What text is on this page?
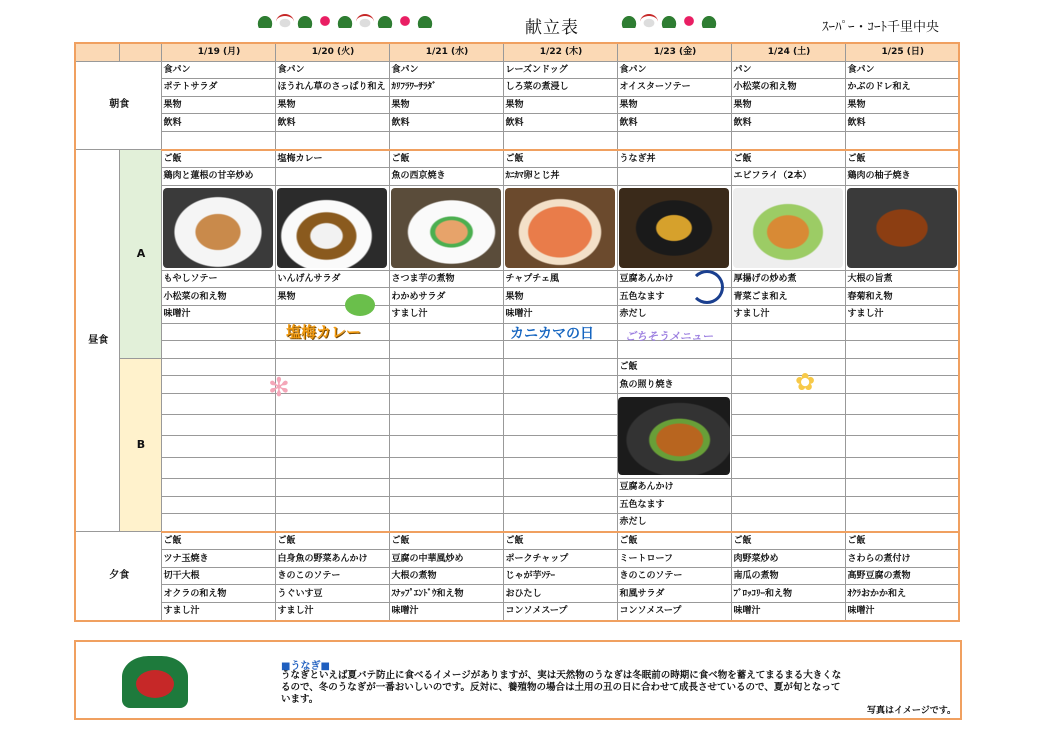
献立表	ｽｰﾊﾟｰ・ｺｰﾄ千里中央
		1/19 (月)	1/20 (火)	1/21 (水)	1/22 (木)	1/23 (金)	1/24 (土)	1/25 (日)
朝食		食パン	食パン	食パン	レーズンドッグ	食パン	パン	食パン
		ポテトサラダ	ほうれん草のさっぱり和え	ｶﾘﾌﾗﾜｰｻﾗﾀﾞ	しろ菜の煮浸し	オイスターソテー	小松菜の和え物	かぶのドレ和え
		果物	果物	果物	果物	果物	果物	果物
		飲料	飲料	飲料	飲料	飲料	飲料	飲料

昼食	A	ご飯	塩梅カレー	ご飯	ご飯	うなぎ丼	ご飯	ご飯
		鶏肉と蓮根の甘辛炒め		魚の西京焼き	ｶﾆｶﾏ卵とじ丼		エビフライ（2本）	鶏肉の柚子焼き

		もやしソテー	いんげんサラダ	さつま芋の煮物	チャプチェ風	豆腐あんかけ	厚揚げの炒め煮	大根の旨煮
		小松菜の和え物	果物	わかめサラダ	果物	五色なます	青菜ごま和え	春菊和え物
		味噌汁		すまし汁	味噌汁	赤だし	すまし汁	すまし汁

	B					ご飯		
						魚の照り焼き		

						豆腐あんかけ		
						五色なます		
						赤だし		
夕食		ご飯	ご飯	ご飯	ご飯	ご飯	ご飯	ご飯
		ツナ玉焼き	白身魚の野菜あんかけ	豆腐の中華風炒め	ポークチャップ	ミートローフ	肉野菜炒め	さわらの煮付け
		切干大根	きのこのソテー	大根の煮物	じゃが芋ｿﾃｰ	きのこのソテー	南瓜の煮物	高野豆腐の煮物
		オクラの和え物	うぐいす豆	ｽﾅｯﾌﾟｴﾝﾄﾞｳ和え物	おひたし	和風サラダ	ﾌﾞﾛｯｺﾘｰ和え物	ｵｸﾗおかか和え
		すまし汁	すまし汁	味噌汁	コンソメスープ	コンソメスープ	味噌汁	味噌汁
塩梅カレー	カニカマの日	ごちそうメニュー
✻	✿
■うなぎ■
うなぎといえば夏バテ防止に食べるイメージがありますが、実は天然物のうなぎは冬眠前の時期に食べ物を蓄えてまるまる大きくなるので、冬のうなぎが一番おいしいのです。反対に、養殖物の場合は土用の丑の日に合わせて成長させているので、夏が旬となっています。
写真はイメージです。
